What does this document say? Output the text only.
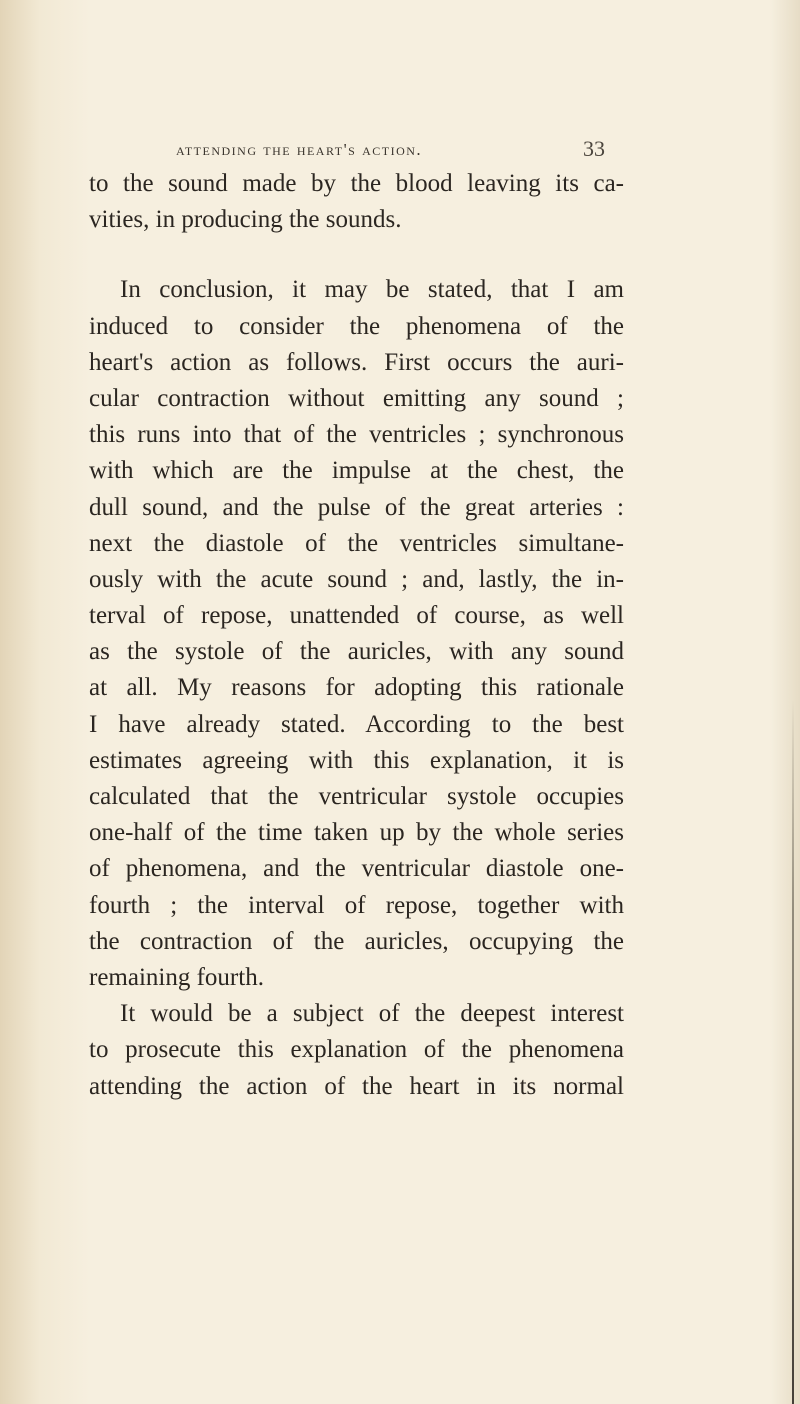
attending the heart's action.	33
to the sound made by the blood leaving its ca-
vities, in producing the sounds.
In conclusion, it may be stated, that I am
induced to consider the phenomena of the
heart's action as follows. First occurs the auri-
cular contraction without emitting any sound ;
this runs into that of the ventricles ; synchronous
with which are the impulse at the chest, the
dull sound, and the pulse of the great arteries :
next the diastole of the ventricles simultane-
ously with the acute sound ; and, lastly, the in-
terval of repose, unattended of course, as well
as the systole of the auricles, with any sound
at all. My reasons for adopting this rationale
I have already stated. According to the best
estimates agreeing with this explanation, it is
calculated that the ventricular systole occupies
one-half of the time taken up by the whole series
of phenomena, and the ventricular diastole one-
fourth ; the interval of repose, together with
the contraction of the auricles, occupying the
remaining fourth.
It would be a subject of the deepest interest
to prosecute this explanation of the phenomena
attending the action of the heart in its normal
